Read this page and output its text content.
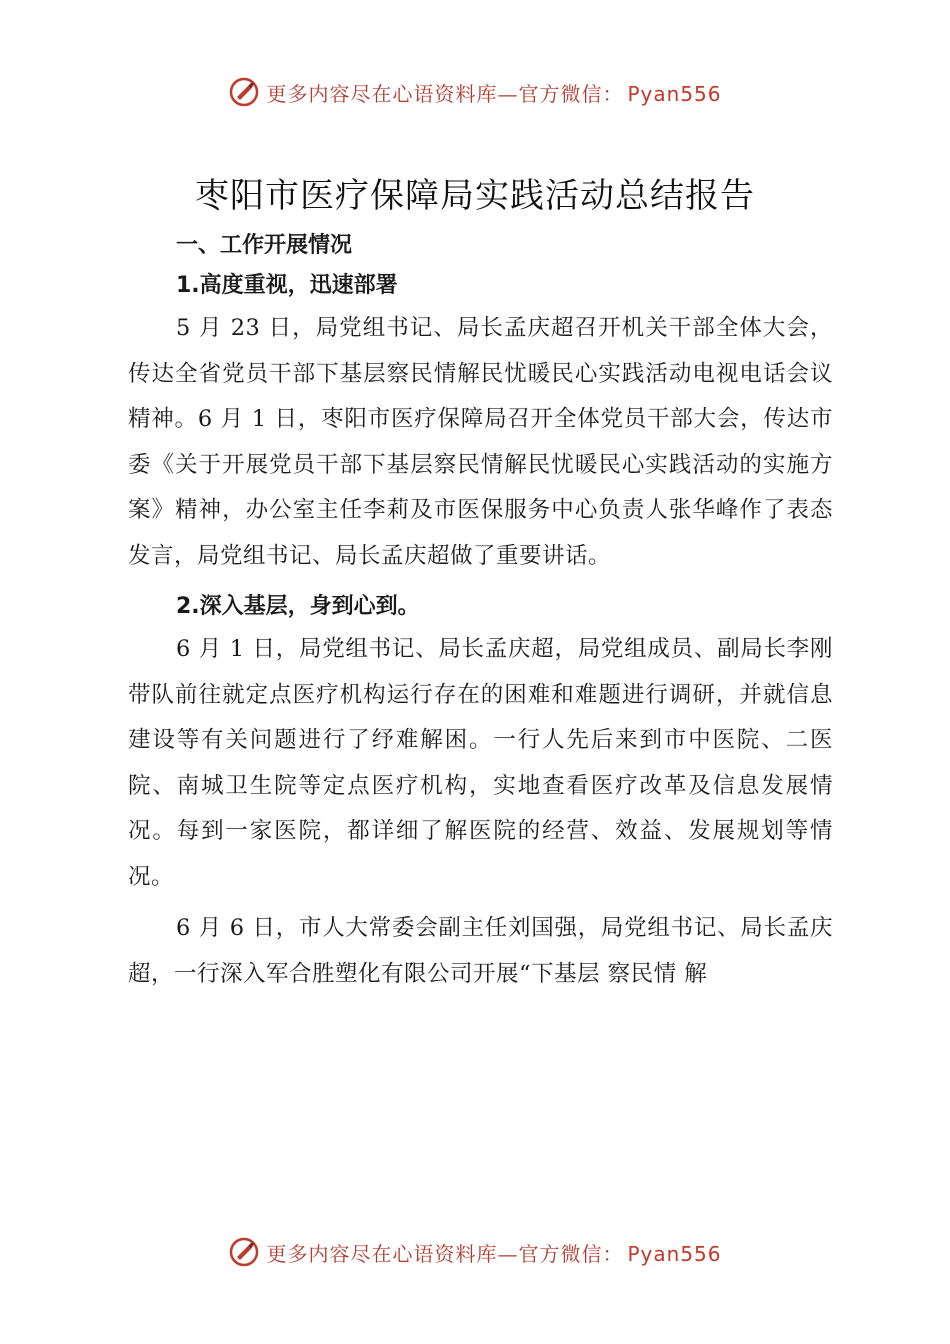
更多内容尽在心语资料库—官方微信： Pyan556
枣阳市医疗保障局实践活动总结报告
一、工作开展情况
1.高度重视，迅速部署

5 月 23 日，局党组书记、局长孟庆超召开机关干部全体大会，传达全省党员干部下基层察民情解民忧暖民心实践活动电视电话会议精神。6 月 1 日，枣阳市医疗保障局召开全体党员干部大会，传达市委《关于开展党员干部下基层察民情解民忧暖民心实践活动的实施方案》精神，办公室主任李莉及市医保服务中心负责人张华峰作了表态发言，局党组书记、局长孟庆超做了重要讲话。

2.深入基层，身到心到。

6 月 1 日，局党组书记、局长孟庆超，局党组成员、副局长李刚带队前往就定点医疗机构运行存在的困难和难题进行调研，并就信息建设等有关问题进行了纾难解困。一行人先后来到市中医院、二医院、南城卫生院等定点医疗机构，实地查看医疗改革及信息发展情况。每到一家医院，都详细了解医院的经营、效益、发展规划等情况。

6 月 6 日，市人大常委会副主任刘国强，局党组书记、局长孟庆超，一行深入军合胜塑化有限公司开展“下基层 察民情 解

更多内容尽在心语资料库—官方微信： Pyan556
